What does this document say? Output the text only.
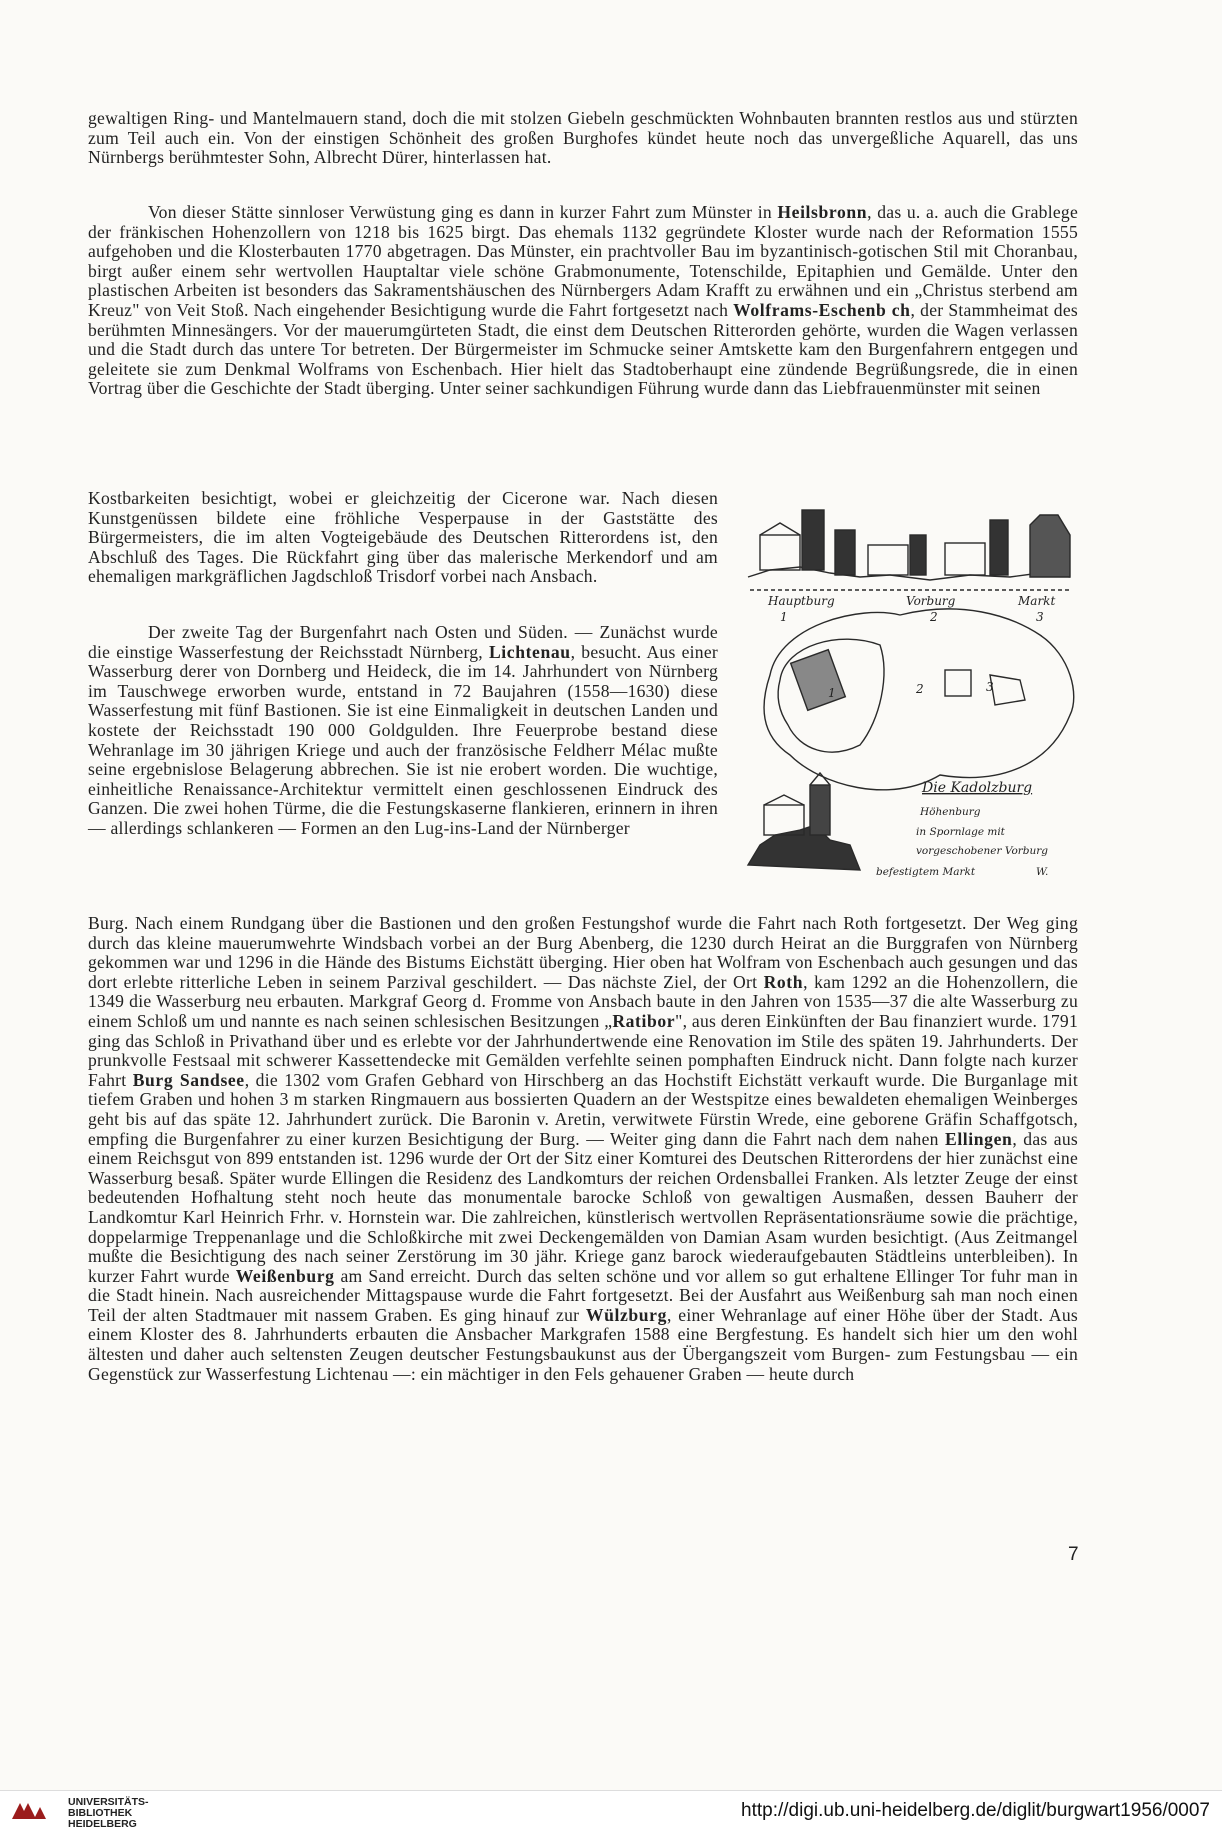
gewaltigen Ring- und Mantelmauern stand, doch die mit stolzen Giebeln geschmückten Wohnbauten brannten restlos aus und stürzten zum Teil auch ein. Von der einstigen Schönheit des großen Burghofes kündet heute noch das unvergeßliche Aquarell, das uns Nürnbergs berühmtester Sohn, Albrecht Dürer, hinterlassen hat.

Von dieser Stätte sinnloser Verwüstung ging es dann in kurzer Fahrt zum Münster in Heilsbronn, das u. a. auch die Grablege der fränkischen Hohenzollern von 1218 bis 1625 birgt. Das ehemals 1132 gegründete Kloster wurde nach der Reformation 1555 aufgehoben und die Klosterbauten 1770 abgetragen. Das Münster, ein prachtvoller Bau im byzantinisch-gotischen Stil mit Choranbau, birgt außer einem sehr wertvollen Hauptaltar viele schöne Grabmonumente, Totenschilde, Epitaphien und Gemälde. Unter den plastischen Arbeiten ist besonders das Sakramentshäuschen des Nürnbergers Adam Krafft zu erwähnen und ein „Christus sterbend am Kreuz" von Veit Stoß. Nach eingehender Besichtigung wurde die Fahrt fortgesetzt nach Wolframs-Eschenb ch, der Stammheimat des berühmten Minnesängers. Vor der mauerumgürteten Stadt, die einst dem Deutschen Ritterorden gehörte, wurden die Wagen verlassen und die Stadt durch das untere Tor betreten. Der Bürgermeister im Schmucke seiner Amtskette kam den Burgenfahrern entgegen und geleitete sie zum Denkmal Wolframs von Eschenbach. Hier hielt das Stadtoberhaupt eine zündende Begrüßungsrede, die in einen Vortrag über die Geschichte der Stadt überging. Unter seiner sachkundigen Führung wurde dann das Liebfrauenmünster mit seinen

Kostbarkeiten besichtigt, wobei er gleichzeitig der Cicerone war. Nach diesen Kunstgenüssen bildete eine fröhliche Vesperpause in der Gaststätte des Bürgermeisters, die im alten Vogteigebäude des Deutschen Ritterordens ist, den Abschluß des Tages. Die Rückfahrt ging über das malerische Merkendorf und am ehemaligen markgräflichen Jagdschloß Trisdorf vorbei nach Ansbach.

Der zweite Tag der Burgenfahrt nach Osten und Süden. — Zunächst wurde die einstige Wasserfestung der Reichsstadt Nürnberg, Lichtenau, besucht. Aus einer Wasserburg derer von Dornberg und Heideck, die im 14. Jahrhundert von Nürnberg im Tauschwege erworben wurde, entstand in 72 Baujahren (1558—1630) diese Wasserfestung mit fünf Bastionen. Sie ist eine Einmaligkeit in deutschen Landen und kostete der Reichsstadt 190 000 Goldgulden. Ihre Feuerprobe bestand diese Wehranlage im 30 jährigen Kriege und auch der französische Feldherr Mélac mußte seine ergebnislose Belagerung abbrechen. Sie ist nie erobert worden. Die wuchtige, einheitliche Renaissance-Architektur vermittelt einen geschlossenen Eindruck des Ganzen. Die zwei hohen Türme, die die Festungskaserne flankieren, erinnern in ihren — allerdings schlankeren — Formen an den Lug-ins-Land der Nürnberger

Burg. Nach einem Rundgang über die Bastionen und den großen Festungshof wurde die Fahrt nach Roth fortgesetzt. Der Weg ging durch das kleine mauerumwehrte Windsbach vorbei an der Burg Abenberg, die 1230 durch Heirat an die Burggrafen von Nürnberg gekommen war und 1296 in die Hände des Bistums Eichstätt überging. Hier oben hat Wolfram von Eschenbach auch gesungen und das dort erlebte ritterliche Leben in seinem Parzival geschildert. — Das nächste Ziel, der Ort Roth, kam 1292 an die Hohenzollern, die 1349 die Wasserburg neu erbauten. Markgraf Georg d. Fromme von Ansbach baute in den Jahren von 1535—37 die alte Wasserburg zu einem Schloß um und nannte es nach seinen schlesischen Besitzungen „Ratibor", aus deren Einkünften der Bau finanziert wurde. 1791 ging das Schloß in Privathand über und es erlebte vor der Jahrhundertwende eine Renovation im Stile des späten 19. Jahrhunderts. Der prunkvolle Festsaal mit schwerer Kassettendecke mit Gemälden verfehlte seinen pomphaften Eindruck nicht. Dann folgte nach kurzer Fahrt Burg Sandsee, die 1302 vom Grafen Gebhard von Hirschberg an das Hochstift Eichstätt verkauft wurde. Die Burganlage mit tiefem Graben und hohen 3 m starken Ringmauern aus bossierten Quadern an der Westspitze eines bewaldeten ehemaligen Weinberges geht bis auf das späte 12. Jahrhundert zurück. Die Baronin v. Aretin, verwitwete Fürstin Wrede, eine geborene Gräfin Schaffgotsch, empfing die Burgenfahrer zu einer kurzen Besichtigung der Burg. — Weiter ging dann die Fahrt nach dem nahen Ellingen, das aus einem Reichsgut von 899 entstanden ist. 1296 wurde der Ort der Sitz einer Komturei des Deutschen Ritterordens der hier zunächst eine Wasserburg besaß. Später wurde Ellingen die Residenz des Landkomturs der reichen Ordensballei Franken. Als letzter Zeuge der einst bedeutenden Hofhaltung steht noch heute das monumentale barocke Schloß von gewaltigen Ausmaßen, dessen Bauherr der Landkomtur Karl Heinrich Frhr. v. Hornstein war. Die zahlreichen, künstlerisch wertvollen Repräsentationsräume sowie die prächtige, doppelarmige Treppenanlage und die Schloßkirche mit zwei Deckengemälden von Damian Asam wurden besichtigt. (Aus Zeitmangel mußte die Besichtigung des nach seiner Zerstörung im 30 jähr. Kriege ganz barock wiederaufgebauten Städtleins unterbleiben). In kurzer Fahrt wurde Weißenburg am Sand erreicht. Durch das selten schöne und vor allem so gut erhaltene Ellinger Tor fuhr man in die Stadt hinein. Nach ausreichender Mittagspause wurde die Fahrt fortgesetzt. Bei der Ausfahrt aus Weißenburg sah man noch einen Teil der alten Stadtmauer mit nassem Graben. Es ging hinauf zur Wülzburg, einer Wehranlage auf einer Höhe über der Stadt. Aus einem Kloster des 8. Jahrhunderts erbauten die Ansbacher Markgrafen 1588 eine Bergfestung. Es handelt sich hier um den wohl ältesten und daher auch seltensten Zeugen deutscher Festungsbaukunst aus der Übergangszeit vom Burgen- zum Festungsbau — ein Gegenstück zur Wasserfestung Lichtenau —: ein mächtiger in den Fels gehauener Graben — heute durch

Hauptburg	Vorburg	Markt
1	2	3
1	2	3
Die Kadolzburg
Höhenburg
in Spornlage mit
vorgeschobener Vorburg
befestigtem Markt	W.
7
UNIVERSITÄTS-
BIBLIOTHEK
HEIDELBERG
http://digi.ub.uni-heidelberg.de/diglit/burgwart1956/0007
